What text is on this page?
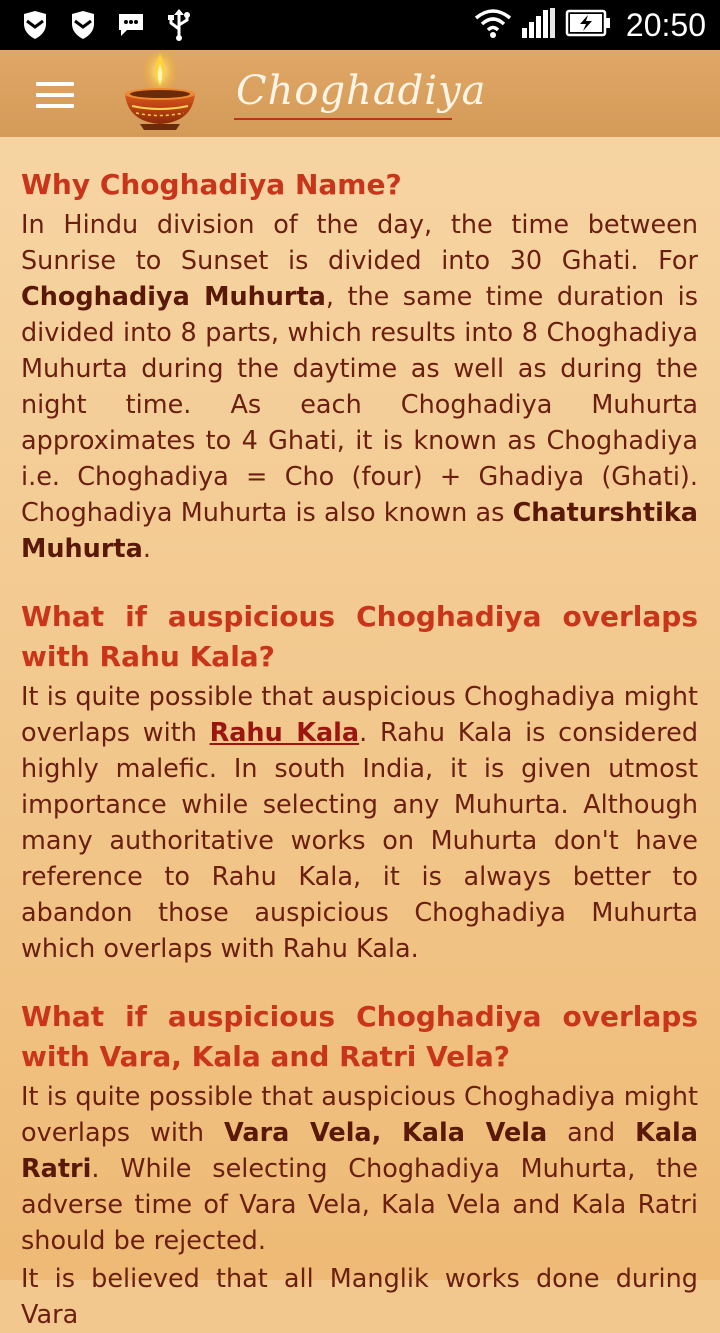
20:50
Choghadiya
Why Choghadiya Name?

In Hindu division of the day, the time between Sunrise to Sunset is divided into 30 Ghati. For Choghadiya Muhurta, the same time duration is divided into 8 parts, which results into 8 Choghadiya Muhurta during the daytime as well as during the night time. As each Choghadiya Muhurta approximates to 4 Ghati, it is known as Choghadiya i.e. Choghadiya = Cho (four) + Ghadiya (Ghati). Choghadiya Muhurta is also known as Chaturshtika Muhurta.

What if auspicious Choghadiya overlaps with Rahu Kala?

It is quite possible that auspicious Choghadiya might overlaps with Rahu Kala. Rahu Kala is considered highly malefic. In south India, it is given utmost importance while selecting any Muhurta. Although many authoritative works on Muhurta don't have reference to Rahu Kala, it is always better to abandon those auspicious Choghadiya Muhurta which overlaps with Rahu Kala.

What if auspicious Choghadiya overlaps with Vara, Kala and Ratri Vela?

It is quite possible that auspicious Choghadiya might overlaps with Vara Vela, Kala Vela and Kala Ratri. While selecting Choghadiya Muhurta, the adverse time of Vara Vela, Kala Vela and Kala Ratri should be rejected.

It is believed that all Manglik works done during Vara
